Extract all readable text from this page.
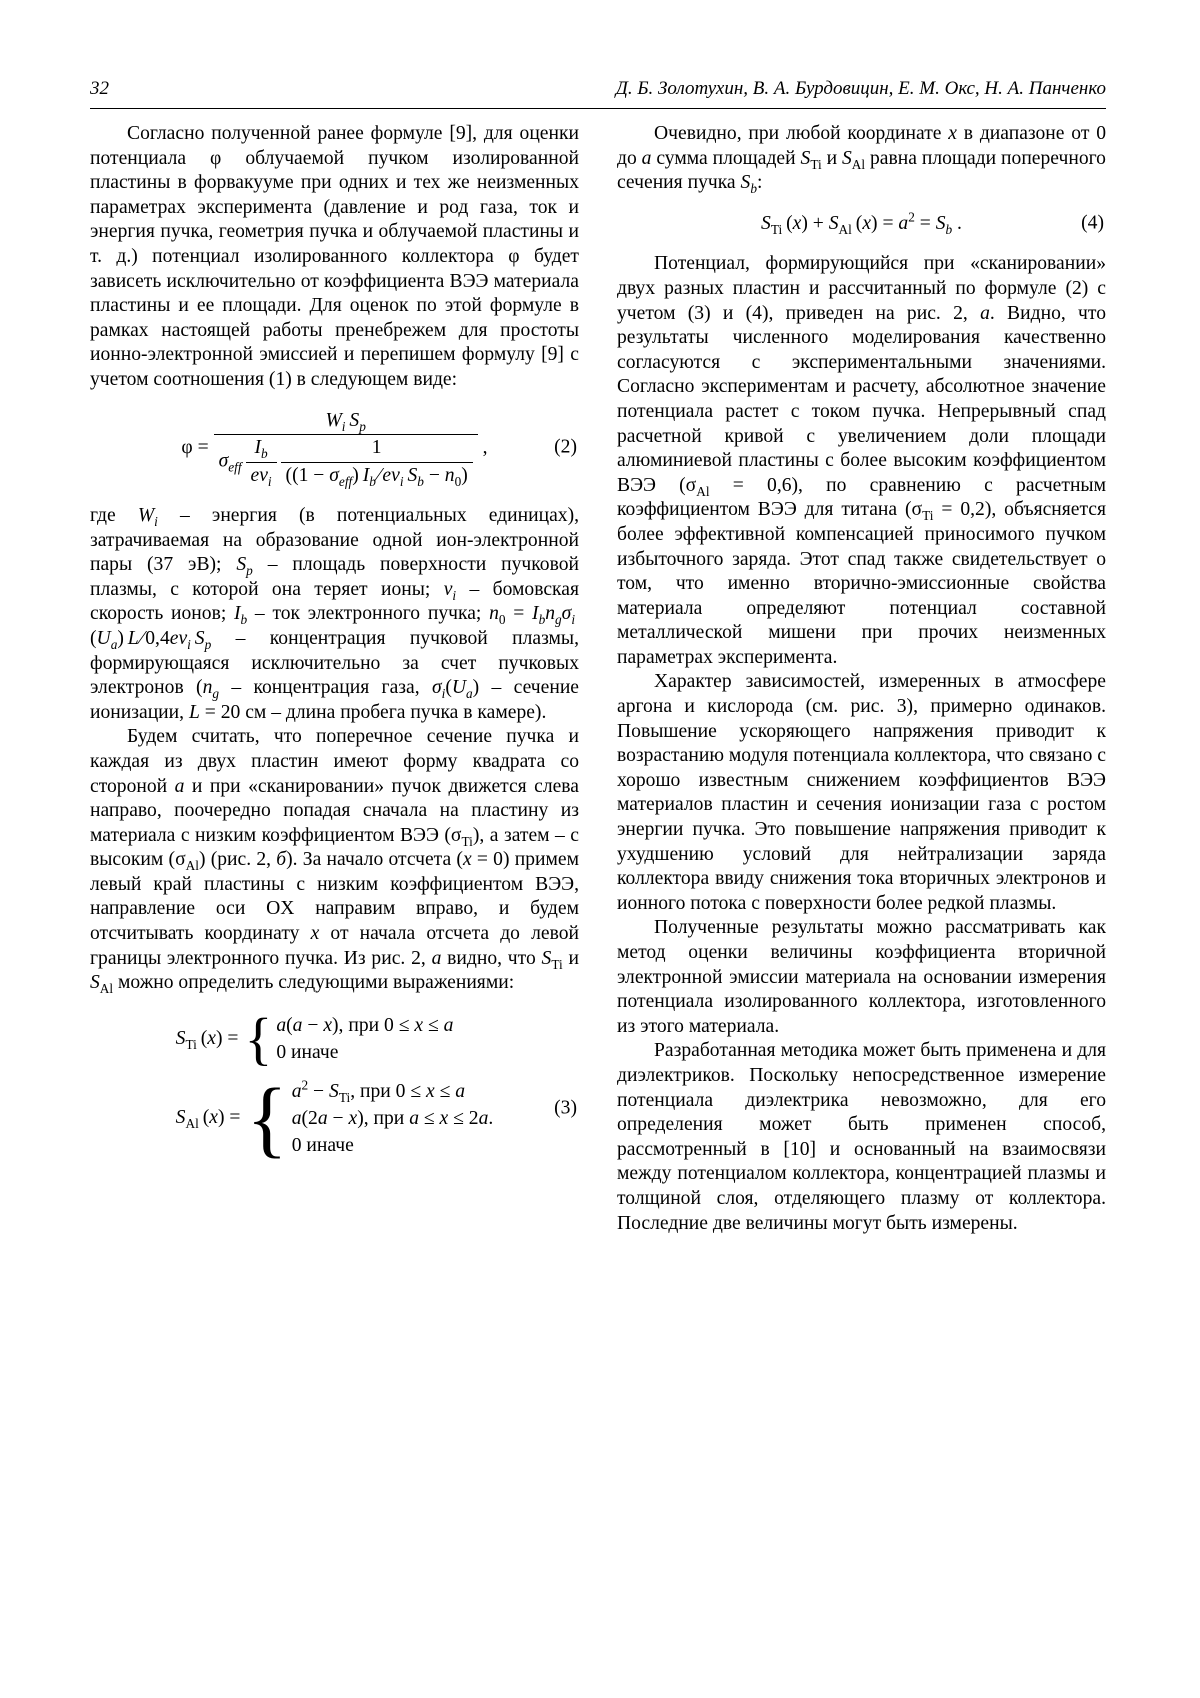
32	Д. Б. Золотухин, В. А. Бурдовицин, Е. М. Окс, Н. А. Панченко

Согласно полученной ранее формуле [9], для оценки потенциала φ облучаемой пучком изолированной пластины в форвакууме при одних и тех же неизменных параметрах эксперимента (давление и род газа, ток и энергия пучка, геометрия пучка и облучаемой пластины и т. д.) потенциал изолированного коллектора φ будет зависеть исключительно от коэффициента ВЭЭ материала пластины и ее площади. Для оценок по этой формуле в рамках настоящей работы пренебрежем для простоты ионно-электронной эмиссией и перепишем формулу [9] с учетом соотношения (1) в следующем виде:

$\varphi = W_i$  $S_p$
$\sigma_{eff} \frac{I_b}{ev_i}$
  $\frac{1}{((1 - \sigma_{eff}) I_b ⁄ ev_i S_b - n_0)}$ ,	(2)

где $W_i$ – энергия (в потенциальных единицах), затрачиваемая на образование одной ион-электронной пары (37 эВ); $S_p$ – площадь поверхности пучковой плазмы, с которой она теряет ионы; $v_i$ – бомовская скорость ионов; $I_b$ – ток электронного пучка; $n_0 = I_bn_g\sigma_i$ $(U_a)$ L ⁄ $0,4ev_i$  $S_p$ – концентрация пучковой плазмы, формирующаяся исключительно за счет пучковых электронов ($n_g$ – концентрация газа, $\sigma_i(U_a)$ – сечение ионизации, L = 20 см – длина пробега пучка в камере).

Будем считать, что поперечное сечение пучка и каждая из двух пластин имеют форму квадрата со стороной a и при «сканировании» пучок движется слева направо, поочередно попадая сначала на пластину из материала с низким коэффициентом ВЭЭ $(\sigma_{Ti})$, а затем – с высоким $(\sigma_{Al})$ (рис. 2, б). За начало отсчета (x = 0) примем левый край пластины с низким коэффициентом ВЭЭ, направление оси OX направим вправо, и будем отсчитывать координату x от начала отсчета до левой границы электронного пучка. Из рис. 2, а видно, что $S_{Ti}$ и $S_{Al}$ можно определить следующими выражениями:

$S_{Ti}$ (x) = { a(a − x), при 0 ≤ x ≤ a
0 иначе
$S_{Al}$ (x) = { $a^2 - S_{Ti}$, при 0 ≤ x ≤ a
a(2a − x), при a ≤ x ≤ 2a.
0 иначе
(3)

Очевидно, при любой координате x в диапазоне от 0 до a сумма площадей $S_{Ti}$ и $S_{Al}$ равна площади поперечного сечения пучка $S_b$:

$S_{Ti}$ $(x) + S_{Al}$ $(x) = a^2 = S_b$ .	(4)

Потенциал, формирующийся при «сканировании» двух разных пластин и рассчитанный по формуле (2) с учетом (3) и (4), приведен на рис. 2, а. Видно, что результаты численного моделирования качественно согласуются с экспериментальными значениями. Согласно экспериментам и расчету, абсолютное значение потенциала растет с током пучка. Непрерывный спад расчетной кривой с увеличением доли площади алюминиевой пластины с более высоким коэффициентом ВЭЭ $(\sigma_{Al} = 0,6)$, по сравнению с расчетным коэффициентом ВЭЭ для титана $(\sigma_{Ti} = 0,2)$, объясняется более эффективной компенсацией приносимого пучком избыточного заряда. Этот спад также свидетельствует о том, что именно вторично-эмиссионные свойства материала определяют потенциал составной металлической мишени при прочих неизменных параметрах эксперимента.

Характер зависимостей, измеренных в атмосфере аргона и кислорода (см. рис. 3), примерно одинаков. Повышение ускоряющего напряжения приводит к возрастанию модуля потенциала коллектора, что связано с хорошо известным снижением коэффициентов ВЭЭ материалов пластин и сечения ионизации газа с ростом энергии пучка. Это повышение напряжения приводит к ухудшению условий для нейтрализации заряда коллектора ввиду снижения тока вторичных электронов и ионного потока с поверхности более редкой плазмы.

Полученные результаты можно рассматривать как метод оценки величины коэффициента вторичной электронной эмиссии материала на основании измерения потенциала изолированного коллектора, изготовленного из этого материала.

Разработанная методика может быть применена и для диэлектриков. Поскольку непосредственное измерение потенциала диэлектрика невозможно, для его определения может быть применен способ, рассмотренный в [10] и основанный на взаимосвязи между потенциалом коллектора, концентрацией плазмы и толщиной слоя, отделяющего плазму от коллектора. Последние две величины могут быть измерены.
